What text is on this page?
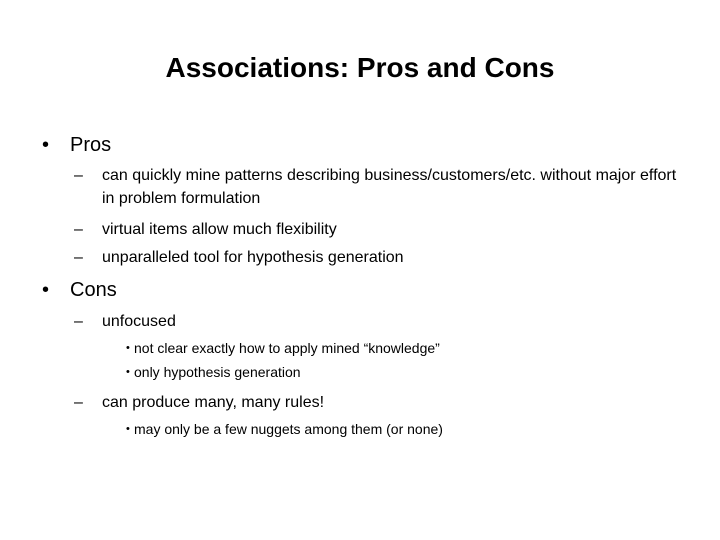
Associations: Pros and Cons
• Pros
– can quickly mine patterns describing business/customers/etc. without major effort in problem formulation
– virtual items allow much flexibility
– unparalleled tool for hypothesis generation
• Cons
– unfocused
• not clear exactly how to apply mined “knowledge”
• only hypothesis generation
– can produce many, many rules!
• may only be a few nuggets among them (or none)
